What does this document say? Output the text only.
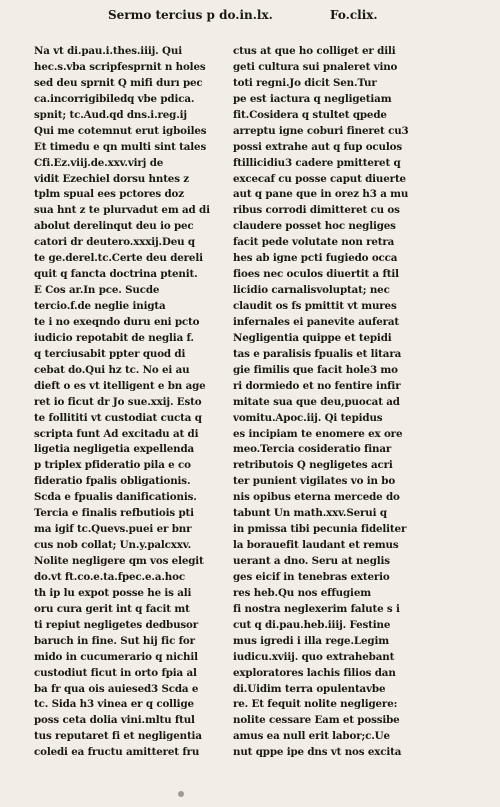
Sermo tercius p do.in.lx.	Fo.clix.
Na vt di.pau.i.thes.iiij. Qui
hec.s.vba scripfesprnit n holes
sed deu sprnit Q mifi durı pec
ca.incorrigibiledq vbe pdica.
spnit; tc.Aud.qd dns.i.reg.ij
Qui me cotemnut erut igboiles
Et timedu e qn multi sint tales
Cfi.Ez.viij.de.xxv.virj de
vidit Ezechiel dorsu hntes z
tplm spual ees pctores doz
sua hnt z te plurvadut em ad di
abolut derelinqut deu io pec
catori dr deutero.xxxij.Deu q
te ge.derel.tc.Certe deu dereli
quit q fancta doctrina ptenit.
E Cos ar.In pce. Sucde
tercio.f.de neglie inigta
te i no exeqndo duru eni pcto
iudicio repotabit de neglia f.
q terciusabit ppter quod di
cebat do.Qui hz tc. No ei au
dieft o es vt itelligent e bn age
ret io ficut dr Jo sue.xxij. Esto
te follititi vt custodiat cucta q
scripta funt Ad excitadu at di
ligetia negligetia expellenda
p triplex pfideratio pila e co
fideratio fpalis obligationis.
Scda e fpualis danificationis.
Tercia e finalis refbutiois pti
ma igif tc.Quevs.puei er bnr
cus nob collat; Un.y.palcxxv.
Nolite negligere qm vos elegit
do.vt ft.co.e.ta.fpec.e.a.hoc
th ip lu expot posse he is ali
oru cura gerit int q facit mt
ti repiut negligetes dedbusor
baruch in fine. Sut hij fic for
mido in cucumerario q nichil
custodiut ficut in orto fpia al
ba fr qua ois auiesed3 Scda e
tc. Sida h3 vinea er q collige
poss ceta dolia vini.mltu ftul
tus reputaret fi et negligentia
coledi ea fructu amitteret fru
ctus at que ho colliget er dili
geti cultura sui pnaleret vino
toti regni.Jo dicit Sen.Tur
pe est iactura q negligetiam
fit.Cosidera q stultet qpede
arreptu igne coburi fineret cu3
possi extrahe aut q fup oculos
ftillicidiu3 cadere pmitteret q
excecaf cu posse caput diuerte
aut q pane que in orez h3 a mu
ribus corrodi dimitteret cu os
claudere posset hoc negliges
facit pede volutate non retra
hes ab igne pcti fugiedo occa
fioes nec oculos diuertit a ftil
licidio carnalisvoluptat; nec
claudit os fs pmittit vt mures
infernales ei panevite auferat
Negligentia quippe et tepidi
tas e paralisis fpualis et litara
gie fimilis que facit hole3 mo
ri dormiedo et no fentire infir
mitate sua que deu,puocat ad
vomitu.Apoc.iij. Qi tepidus
es incipiam te enomere ex ore
meo.Tercia cosideratio finar
retributois Q negligetes acri
ter punient vigilates vo in bo
nis opibus eterna mercede do
tabunt Un math.xxv.Serui q
in pmissa tibi pecunia fideliter
la borauefit laudant et remus
uerant a dno. Seru at neglis
ges eicif in tenebras exterio
res heb.Qu nos effugiem
fi nostra neglexerim falute s i
cut q di.pau.heb.iiij. Festine
mus igredi i illa rege.Legim
iudicu.xviij. quo extrahebant
exploratores lachis filios dan
di.Uidim terra opulentavbe
re. Et fequit nolite negligere:
nolite cessare Eam et possibe
amus ea null erit labor;c.Ue
nut qppe ipe dns vt nos excita
